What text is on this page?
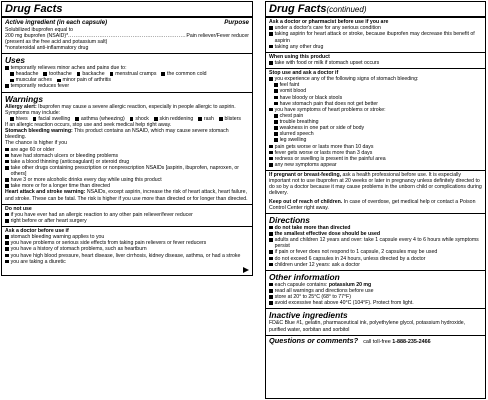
Drug Facts
Active ingredient (in each capsule)	Purpose
Solubilized ibuprofen equal to
200 mg ibuprofen (NSAID)*
.....	Pain reliever/Fever reducer
(present as the free acid and potassium salt)
*nonsteroidal anti-inflammatory drug
Uses
temporarily relieves minor aches and pains due to:
headache toothache backache menstrual cramps the common cold
muscular aches minor pain of arthritis
temporarily reduces fever
Warnings
Allergy alert: Ibuprofen may cause a severe allergic reaction, especially in people allergic to aspirin.
Symptoms may include:
hives facial swelling asthma (wheezing) shock skin reddening rash blisters
If an allergic reaction occurs, stop use and seek medical help right away.
Stomach bleeding warning: This product contains an NSAID, which may cause severe stomach bleeding.
The chance is higher if you
are age 60 or older
have had stomach ulcers or bleeding problems
take a blood thinning (anticoagulant) or steroid drug
take other drugs containing prescription or nonprescription NSAIDs [aspirin, ibuprofen, naproxen, or others]
have 3 or more alcoholic drinks every day while using this product
take more or for a longer time than directed
Heart attack and stroke warning: NSAIDs, except aspirin, increase the risk of heart attack, heart failure, and stroke. These can be fatal. The risk is higher if you use more than directed or for longer than directed.
Do not use
if you have ever had an allergic reaction to any other pain reliever/fever reducer
right before or after heart surgery
Ask a doctor before use if
stomach bleeding warning applies to you
you have problems or serious side effects from taking pain relievers or fever reducers
you have a history of stomach problems, such as heartburn
you have high blood pressure, heart disease, liver cirrhosis, kidney disease, asthma, or had a stroke
you are taking a diuretic
Drug Facts(continued)
Ask a doctor or pharmacist before use if you are
under a doctor's care for any serious condition
taking aspirin for heart attack or stroke, because ibuprofen may decrease this benefit of aspirin
taking any other drug
When using this product
take with food or milk if stomach upset occurs
Stop use and ask a doctor if
you experience any of the following signs of stomach bleeding:
feel faint
vomit blood
have bloody or black stools
have stomach pain that does not get better
you have symptoms of heart problems or stroke:
chest pain
trouble breathing
weakness in one part or side of body
slurred speech
leg swelling
pain gets worse or lasts more than 10 days
fever gets worse or lasts more than 3 days
redness or swelling is present in the painful area
any new symptoms appear
If pregnant or breast-feeding, ask a health professional before use. It is especially important not to use ibuprofen at 20 weeks or later in pregnancy unless definitely directed to do so by a doctor because it may cause problems in the unborn child or complications during delivery.
Keep out of reach of children. In case of overdose, get medical help or contact a Poison Control Center right away.
Directions
do not take more than directed
the smallest effective dose should be used
adults and children 12 years and over: take 1 capsule every 4 to 6 hours while symptoms persist
if pain or fever does not respond to 1 capsule, 2 capsules may be used
do not exceed 6 capsules in 24 hours, unless directed by a doctor
children under 12 years: ask a doctor
Other information
each capsule contains: potassium 20 mg
read all warnings and directions before use
store at 20° to 25°C (68° to 77°F)
avoid excessive heat above 40°C (104°F). Protect from light.
Inactive ingredients
FD&C Blue #1, gelatin, pharmaceutical ink, polyethylene glycol, potassium hydroxide, purified water, sorbitan and sorbitol
Questions or comments? call toll-free 1-888-235-2466
